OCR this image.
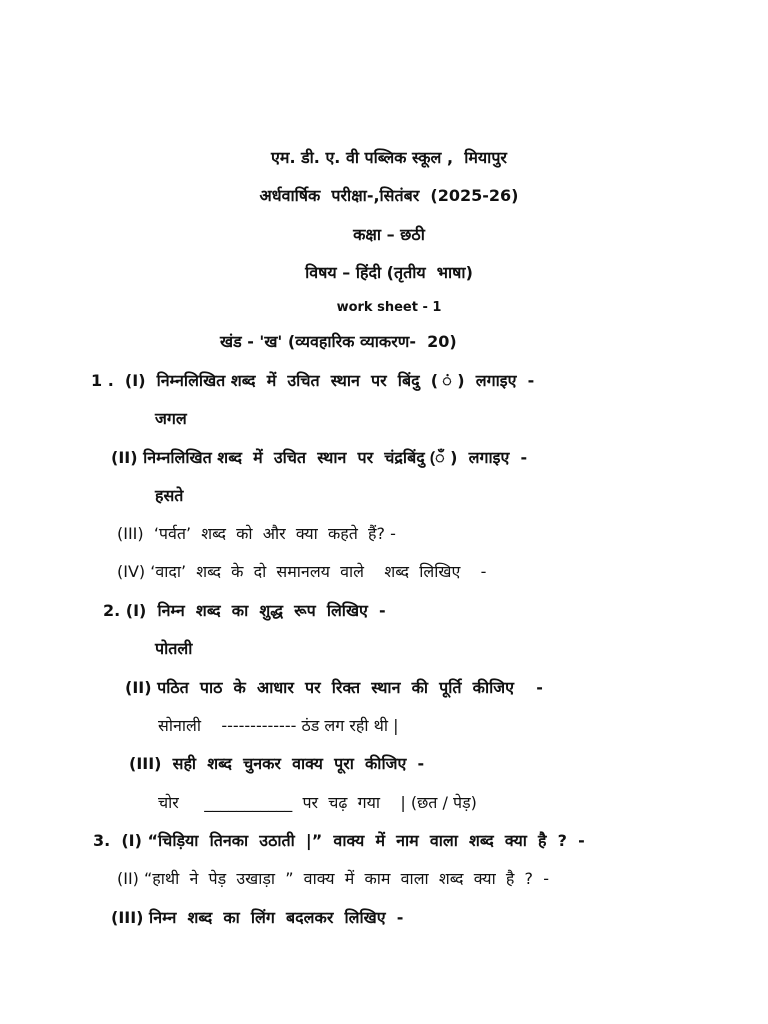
एम. डी. ए. वी पब्लिक स्कूल ,  मियापुर
अर्धवार्षिक  परीक्षा-,सितंबर  (2025-26)
कक्षा – छठी
विषय – हिंदी (तृतीय  भाषा)
work sheet - 1
खंड - 'ख' (व्यवहारिक व्याकरण-  20)
1 .  (I)  निम्नलिखित शब्द  में  उचित  स्थान  पर  बिंदु  ( ं )  लगाइए  -
जगल
(II) निम्नलिखित शब्द  में  उचित  स्थान  पर  चंद्रबिंदु (ँ )  लगाइए  -
हसते
(III)  ‘पर्वत’  शब्द  को  और  क्या  कहते  हैं? -
(IV) ‘वादा’  शब्द  के  दो  समानलय  वाले    शब्द  लिखिए    -
2. (I)  निम्न  शब्द  का  शुद्ध  रूप  लिखिए  -
पोतली
(II) पठित  पाठ  के  आधार  पर  रिक्त  स्थान  की  पूर्ति  कीजिए    -
सोनाली    ------------- ठंड लग रही थी |
(III)  सही  शब्द  चुनकर  वाक्य  पूरा  कीजिए  -
चोर     ___________  पर  चढ़  गया    | (छत / पेड़)
3.  (I) “चिड़िया  तिनका  उठाती  |”  वाक्य  में  नाम  वाला  शब्द  क्या  है  ?  -
(II) “हाथी  ने  पेड़  उखाड़ा  ”  वाक्य  में  काम  वाला  शब्द  क्या  है  ?  -
(III) निम्न  शब्द  का  लिंग  बदलकर  लिखिए  -
